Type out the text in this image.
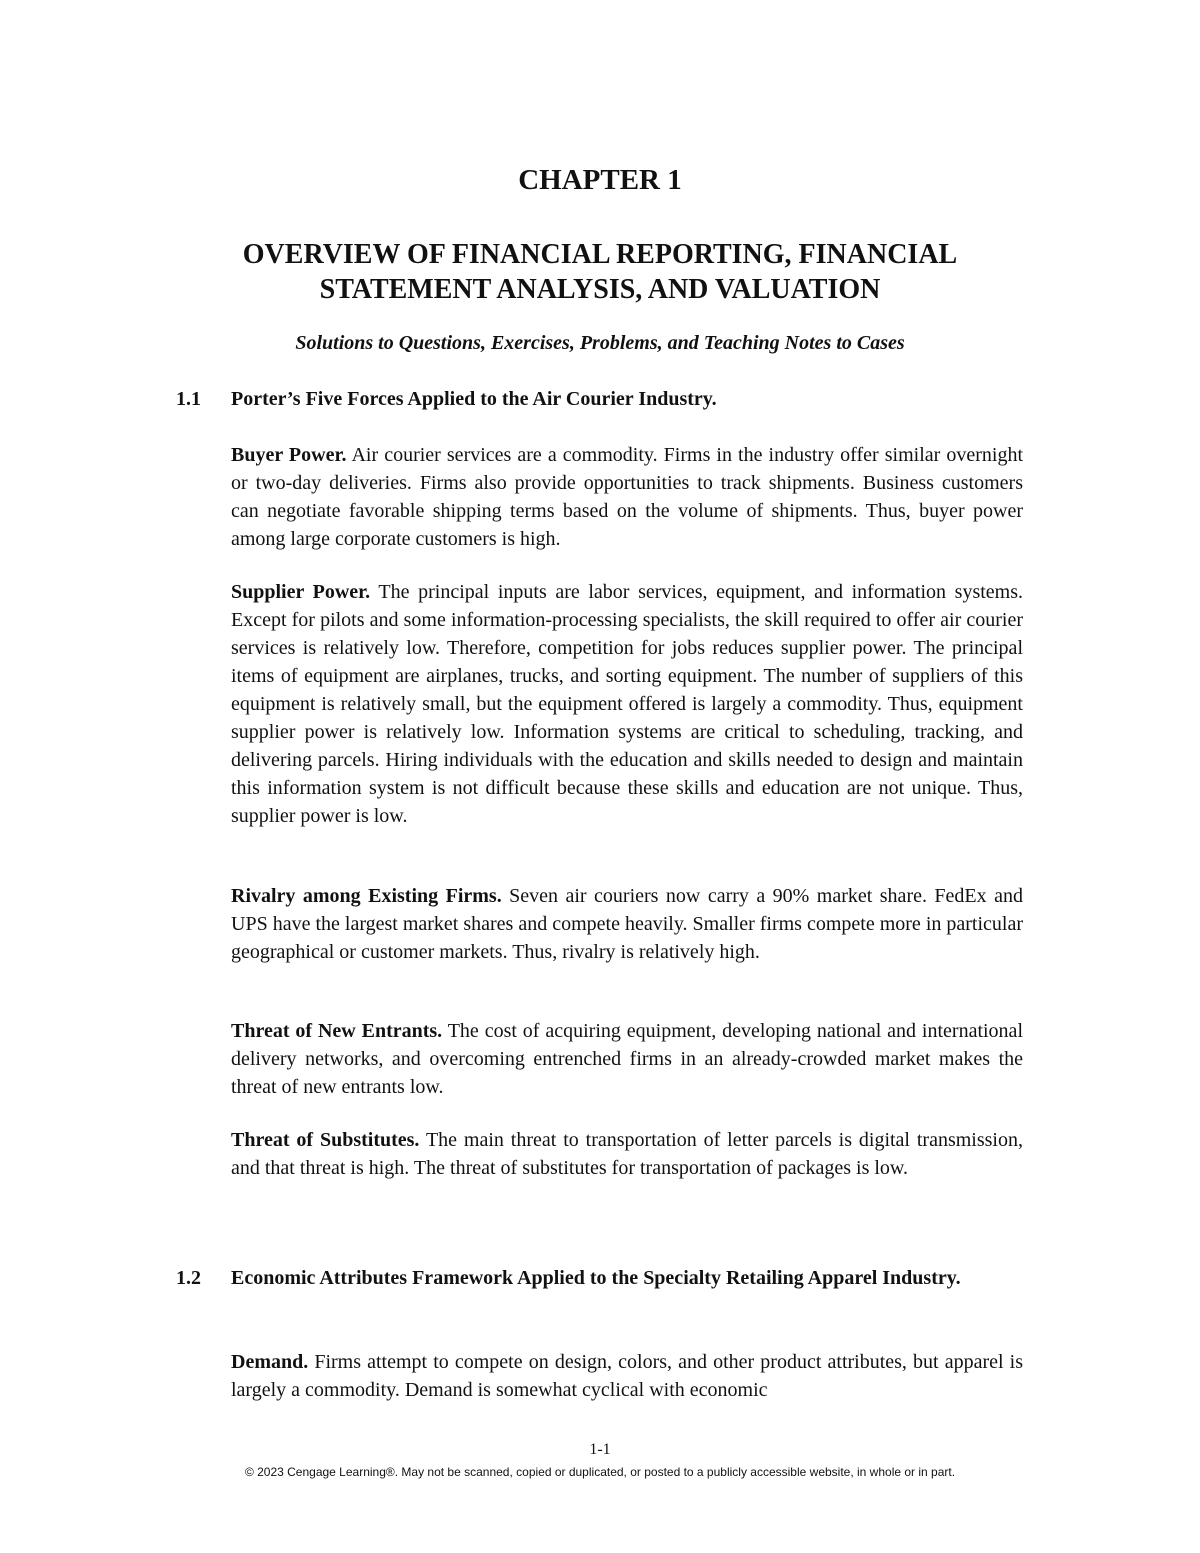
CHAPTER 1
OVERVIEW OF FINANCIAL REPORTING, FINANCIAL
STATEMENT ANALYSIS, AND VALUATION
Solutions to Questions, Exercises, Problems, and Teaching Notes to Cases
1.1	Porter’s Five Forces Applied to the Air Courier Industry.

Buyer Power. Air courier services are a commodity. Firms in the industry offer similar overnight or two-day deliveries. Firms also provide opportunities to track shipments. Business customers can negotiate favorable shipping terms based on the volume of shipments. Thus, buyer power among large corporate customers is high.

Supplier Power. The principal inputs are labor services, equipment, and information systems. Except for pilots and some information-processing specialists, the skill required to offer air courier services is relatively low. Therefore, competition for jobs reduces supplier power. The principal items of equipment are airplanes, trucks, and sorting equipment. The number of suppliers of this equipment is relatively small, but the equipment offered is largely a commodity. Thus, equipment supplier power is relatively low. Information systems are critical to scheduling, tracking, and delivering parcels. Hiring individuals with the education and skills needed to design and maintain this information system is not difficult because these skills and education are not unique. Thus, supplier power is low.

Rivalry among Existing Firms. Seven air couriers now carry a 90% market share. FedEx and UPS have the largest market shares and compete heavily. Smaller firms compete more in particular geographical or customer markets. Thus, rivalry is relatively high.

Threat of New Entrants. The cost of acquiring equipment, developing national and international delivery networks, and overcoming entrenched firms in an already-crowded market makes the threat of new entrants low.

Threat of Substitutes. The main threat to transportation of letter parcels is digital transmission, and that threat is high. The threat of substitutes for transportation of packages is low.

1.2	Economic Attributes Framework Applied to the Specialty Retailing Apparel Industry.

Demand. Firms attempt to compete on design, colors, and other product attributes, but apparel is largely a commodity. Demand is somewhat cyclical with economic

1-1
© 2023 Cengage Learning®. May not be scanned, copied or duplicated, or posted to a publicly accessible website, in whole or in part.
